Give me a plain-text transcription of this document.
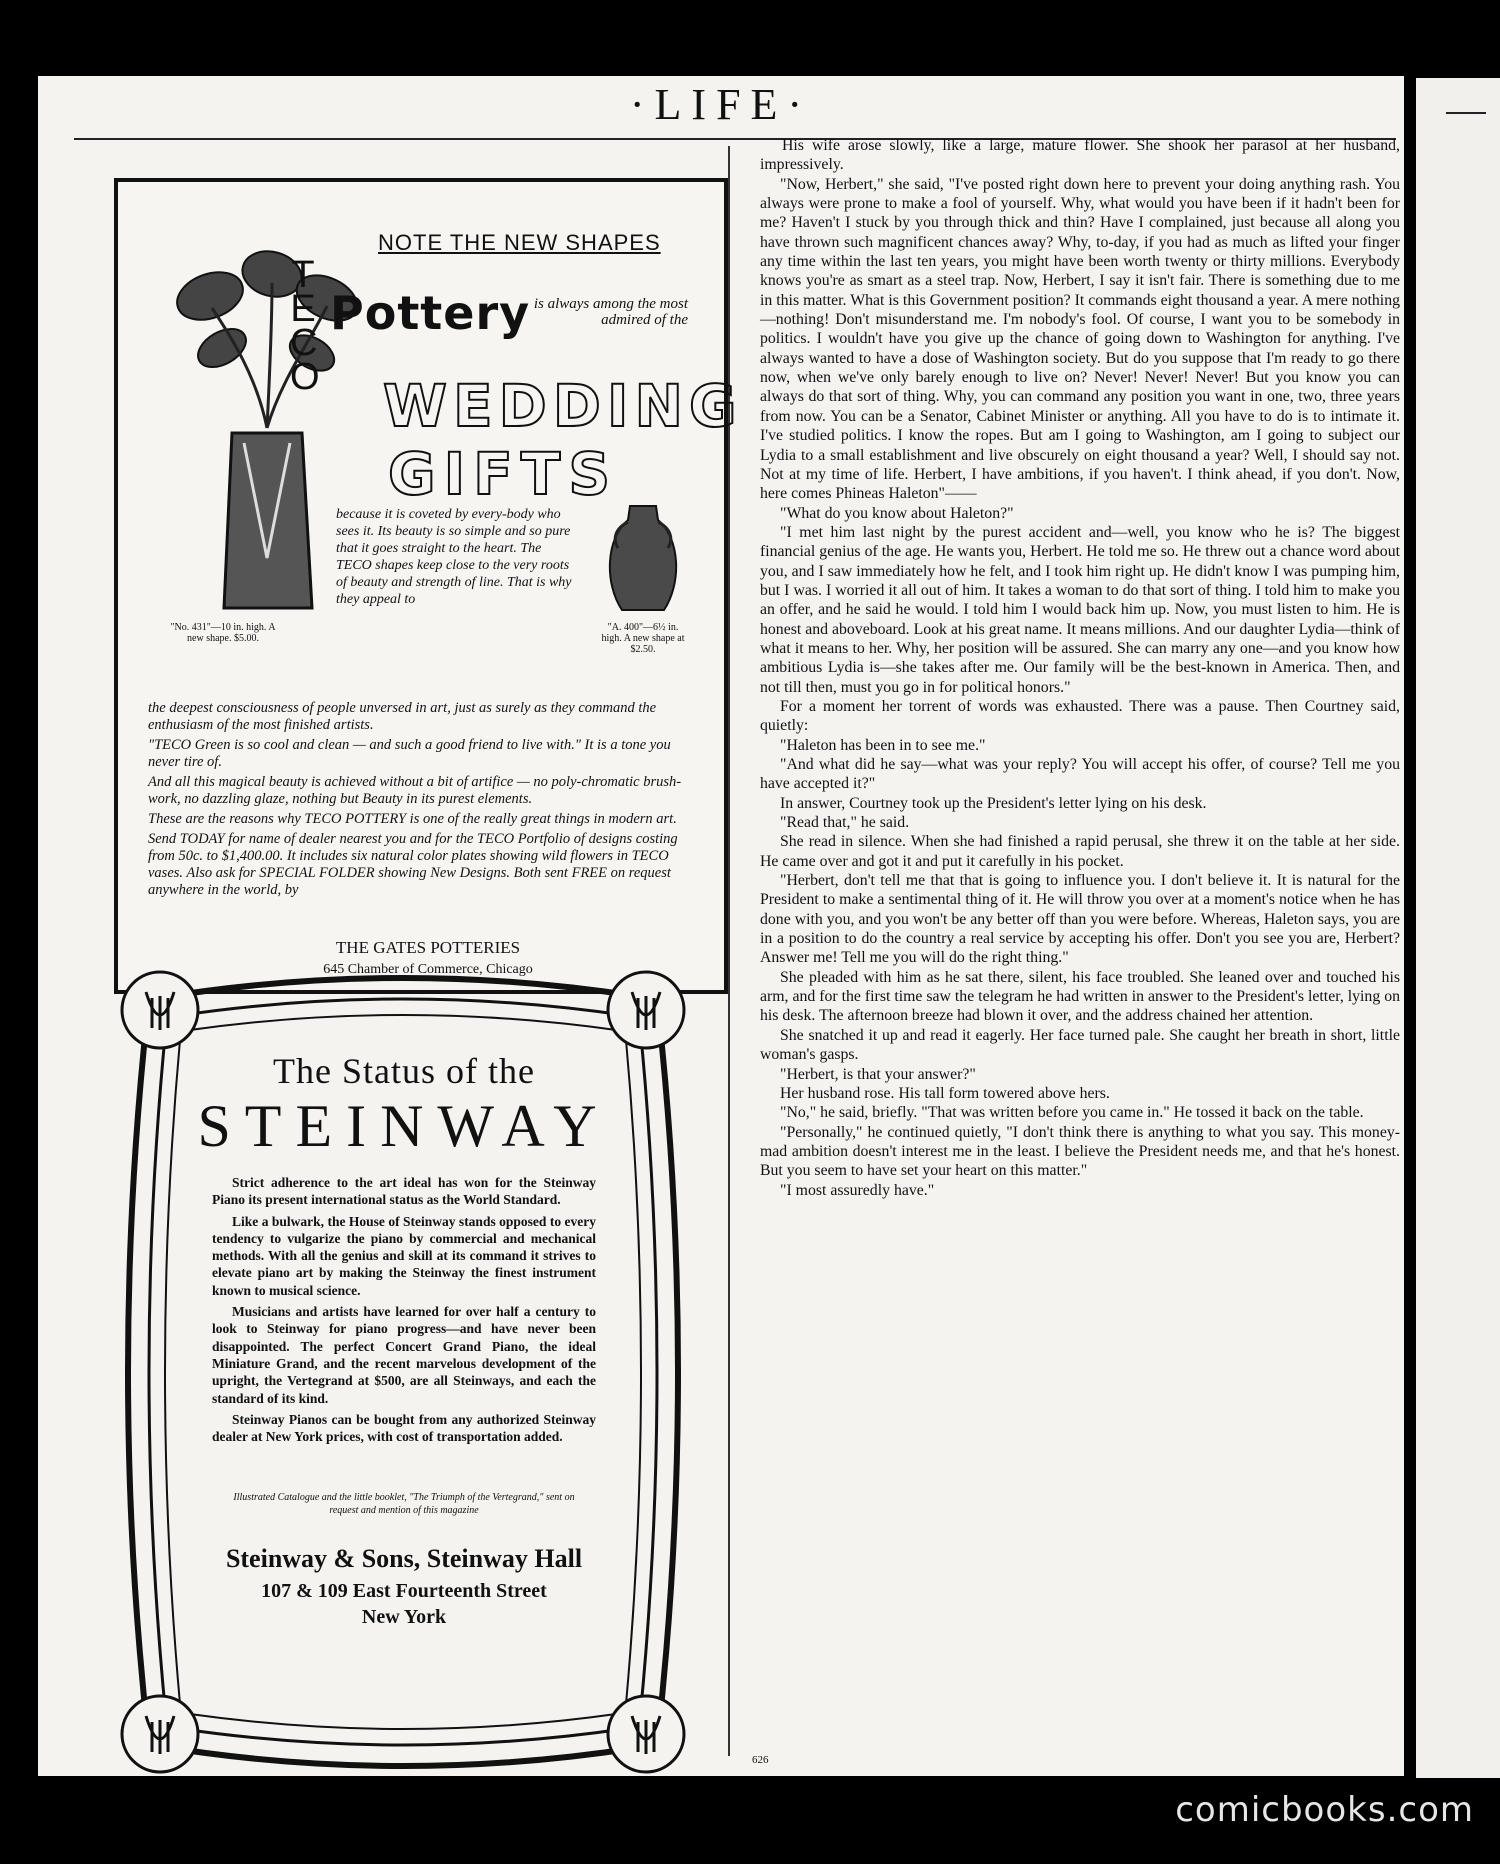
·LIFE·
NOTE THE NEW SHAPES
T
E
C
O
Pottery is always among the most admired of the
WEDDING
GIFTS
"No. 431"—10 in. high. A new shape. $5.00.
"A. 400"—6½ in. high. A new shape at $2.50.
because it is coveted by every-body who sees it. Its beauty is so simple and so pure that it goes straight to the heart. The TECO shapes keep close to the very roots of beauty and strength of line. That is why they appeal to

the deepest consciousness of people unversed in art, just as surely as they command the enthusiasm of the most finished artists.

"TECO Green is so cool and clean — and such a good friend to live with." It is a tone you never tire of.

And all this magical beauty is achieved without a bit of artifice — no poly-chromatic brush-work, no dazzling glaze, nothing but Beauty in its purest elements.

These are the reasons why TECO POTTERY is one of the really great things in modern art.

Send TODAY for name of dealer nearest you and for the TECO Portfolio of designs costing from 50c. to $1,400.00. It includes six natural color plates showing wild flowers in TECO vases. Also ask for SPECIAL FOLDER showing New Designs. Both sent FREE on request anywhere in the world, by

THE GATES POTTERIES
645 Chamber of Commerce, Chicago
The Status of the
STEINWAY

Strict adherence to the art ideal has won for the Steinway Piano its present international status as the World Standard.

Like a bulwark, the House of Steinway stands opposed to every tendency to vulgarize the piano by commercial and mechanical methods. With all the genius and skill at its command it strives to elevate piano art by making the Steinway the finest instrument known to musical science.

Musicians and artists have learned for over half a century to look to Steinway for piano progress—and have never been disappointed. The perfect Concert Grand Piano, the ideal Miniature Grand, and the recent marvelous development of the upright, the Vertegrand at $500, are all Steinways, and each the standard of its kind.

Steinway Pianos can be bought from any authorized Steinway dealer at New York prices, with cost of transportation added.

Illustrated Catalogue and the little booklet, "The Triumph of the Vertegrand," sent on request and mention of this magazine
Steinway & Sons, Steinway Hall
107 & 109 East Fourteenth Street
New York

His wife arose slowly, like a large, mature flower. She shook her parasol at her husband, impressively.

"Now, Herbert," she said, "I've posted right down here to prevent your doing anything rash. You always were prone to make a fool of yourself. Why, what would you have been if it hadn't been for me? Haven't I stuck by you through thick and thin? Have I complained, just because all along you have thrown such magnificent chances away? Why, to-day, if you had as much as lifted your finger any time within the last ten years, you might have been worth twenty or thirty millions. Everybody knows you're as smart as a steel trap. Now, Herbert, I say it isn't fair. There is something due to me in this matter. What is this Government position? It commands eight thousand a year. A mere nothing—nothing! Don't misunderstand me. I'm nobody's fool. Of course, I want you to be somebody in politics. I wouldn't have you give up the chance of going down to Washington for anything. I've always wanted to have a dose of Washington society. But do you suppose that I'm ready to go there now, when we've only barely enough to live on? Never! Never! Never! But you know you can always do that sort of thing. Why, you can command any position you want in one, two, three years from now. You can be a Senator, Cabinet Minister or anything. All you have to do is to intimate it. I've studied politics. I know the ropes. But am I going to Washington, am I going to subject our Lydia to a small establishment and live obscurely on eight thousand a year? Well, I should say not. Not at my time of life. Herbert, I have ambitions, if you haven't. I think ahead, if you don't. Now, here comes Phineas Haleton"——

"What do you know about Haleton?"

"I met him last night by the purest accident and—well, you know who he is? The biggest financial genius of the age. He wants you, Herbert. He told me so. He threw out a chance word about you, and I saw immediately how he felt, and I took him right up. He didn't know I was pumping him, but I was. I worried it all out of him. It takes a woman to do that sort of thing. I told him to make you an offer, and he said he would. I told him I would back him up. Now, you must listen to him. He is honest and aboveboard. Look at his great name. It means millions. And our daughter Lydia—think of what it means to her. Why, her position will be assured. She can marry any one—and you know how ambitious Lydia is—she takes after me. Our family will be the best-known in America. Then, and not till then, must you go in for political honors."

For a moment her torrent of words was exhausted. There was a pause. Then Courtney said, quietly:

"Haleton has been in to see me."

"And what did he say—what was your reply? You will accept his offer, of course? Tell me you have accepted it?"

In answer, Courtney took up the President's letter lying on his desk.

"Read that," he said.

She read in silence. When she had finished a rapid perusal, she threw it on the table at her side. He came over and got it and put it carefully in his pocket.

"Herbert, don't tell me that that is going to influence you. I don't believe it. It is natural for the President to make a sentimental thing of it. He will throw you over at a moment's notice when he has done with you, and you won't be any better off than you were before. Whereas, Haleton says, you are in a position to do the country a real service by accepting his offer. Don't you see you are, Herbert? Answer me! Tell me you will do the right thing."

She pleaded with him as he sat there, silent, his face troubled. She leaned over and touched his arm, and for the first time saw the telegram he had written in answer to the President's letter, lying on his desk. The afternoon breeze had blown it over, and the address chained her attention.

She snatched it up and read it eagerly. Her face turned pale. She caught her breath in short, little woman's gasps.

"Herbert, is that your answer?"

Her husband rose. His tall form towered above hers.

"No," he said, briefly. "That was written before you came in." He tossed it back on the table.

"Personally," he continued quietly, "I don't think there is anything to what you say. This money-mad ambition doesn't interest me in the least. I believe the President needs me, and that he's honest. But you seem to have set your heart on this matter."

"I most assuredly have."

626
comicbooks.com
